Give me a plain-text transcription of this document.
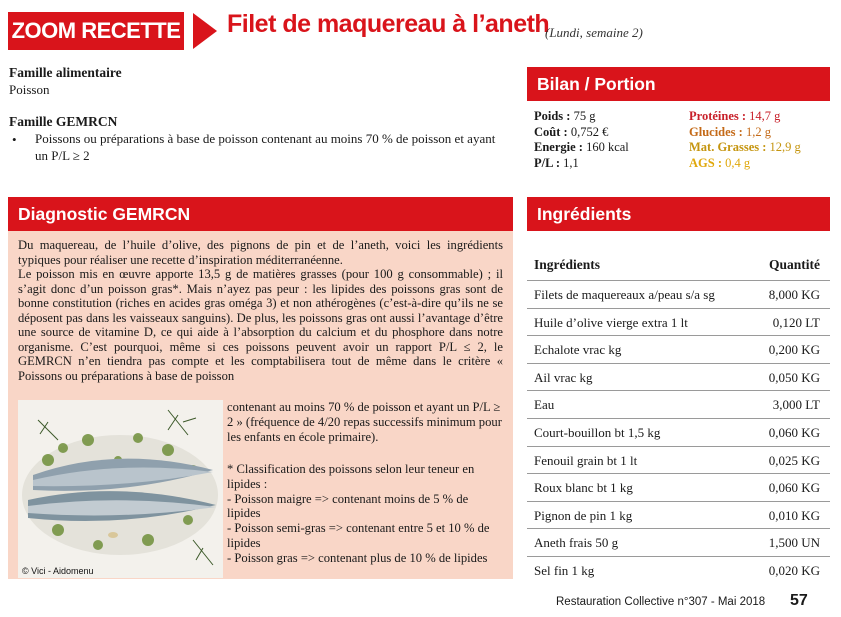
ZOOM RECETTE Filet de maquereau à l’aneth
(Lundi, semaine 2)
Famille alimentaire
Poisson
Famille GEMRCN
• Poissons ou préparations à base de poisson contenant au moins 70 % de poisson et ayant un P/L ≥ 2
Bilan / Portion
Poids : 75 g
Coût : 0,752 €
Energie : 160 kcal
P/L : 1,1
Protéines : 14,7 g
Glucides : 1,2 g
Mat. Grasses : 12,9 g
AGS : 0,4 g
Diagnostic GEMRCN

Du maquereau, de l’huile d’olive, des pignons de pin et de l’aneth, voici les ingrédients typiques pour réaliser une recette d’inspiration méditerranéenne.

Le poisson mis en œuvre apporte 13,5 g de matières grasses (pour 100 g consommable) ; il s’agit donc d’un poisson gras*. Mais n’ayez pas peur : les lipides des poissons gras sont de bonne constitution (riches en acides gras oméga 3) et non athérogènes (c’est-à-dire qu’ils ne se déposent pas dans les vaisseaux sanguins). De plus, les poissons gras ont aussi l’avantage d’être une source de vitamine D, ce qui aide à l’absorption du calcium et du phosphore dans notre organisme. C’est pourquoi, même si ces poissons peuvent avoir un rapport P/L ≤ 2, le GEMRCN n’en tiendra pas compte et les comptabilisera tout de même dans le critère « Poissons ou préparations à base de poisson

contenant au moins 70 % de poisson et ayant un P/L ≥ 2 » (fréquence de 4/20 repas successifs minimum pour les enfants en école primaire).
* Classification des poissons selon leur teneur en lipides :
- Poisson maigre => contenant moins de 5 % de lipides
- Poisson semi-gras => contenant entre 5 et 10 % de lipides
- Poisson gras => contenant plus de 10 % de lipides
© Vici - Aidomenu
Ingrédients
Ingrédients	Quantité
Filets de maquereaux a/peau s/a sg	8,000 KG
Huile d’olive vierge extra 1 lt	0,120 LT
Echalote vrac kg	0,200 KG
Ail vrac kg	0,050 KG
Eau	3,000 LT
Court-bouillon bt 1,5 kg	0,060 KG
Fenouil grain bt 1 lt	0,025 KG
Roux blanc bt 1 kg	0,060 KG
Pignon de pin 1 kg	0,010 KG
Aneth frais 50 g	1,500 UN
Sel fin 1 kg	0,020 KG
Restauration Collective n°307 - Mai 2018 57
